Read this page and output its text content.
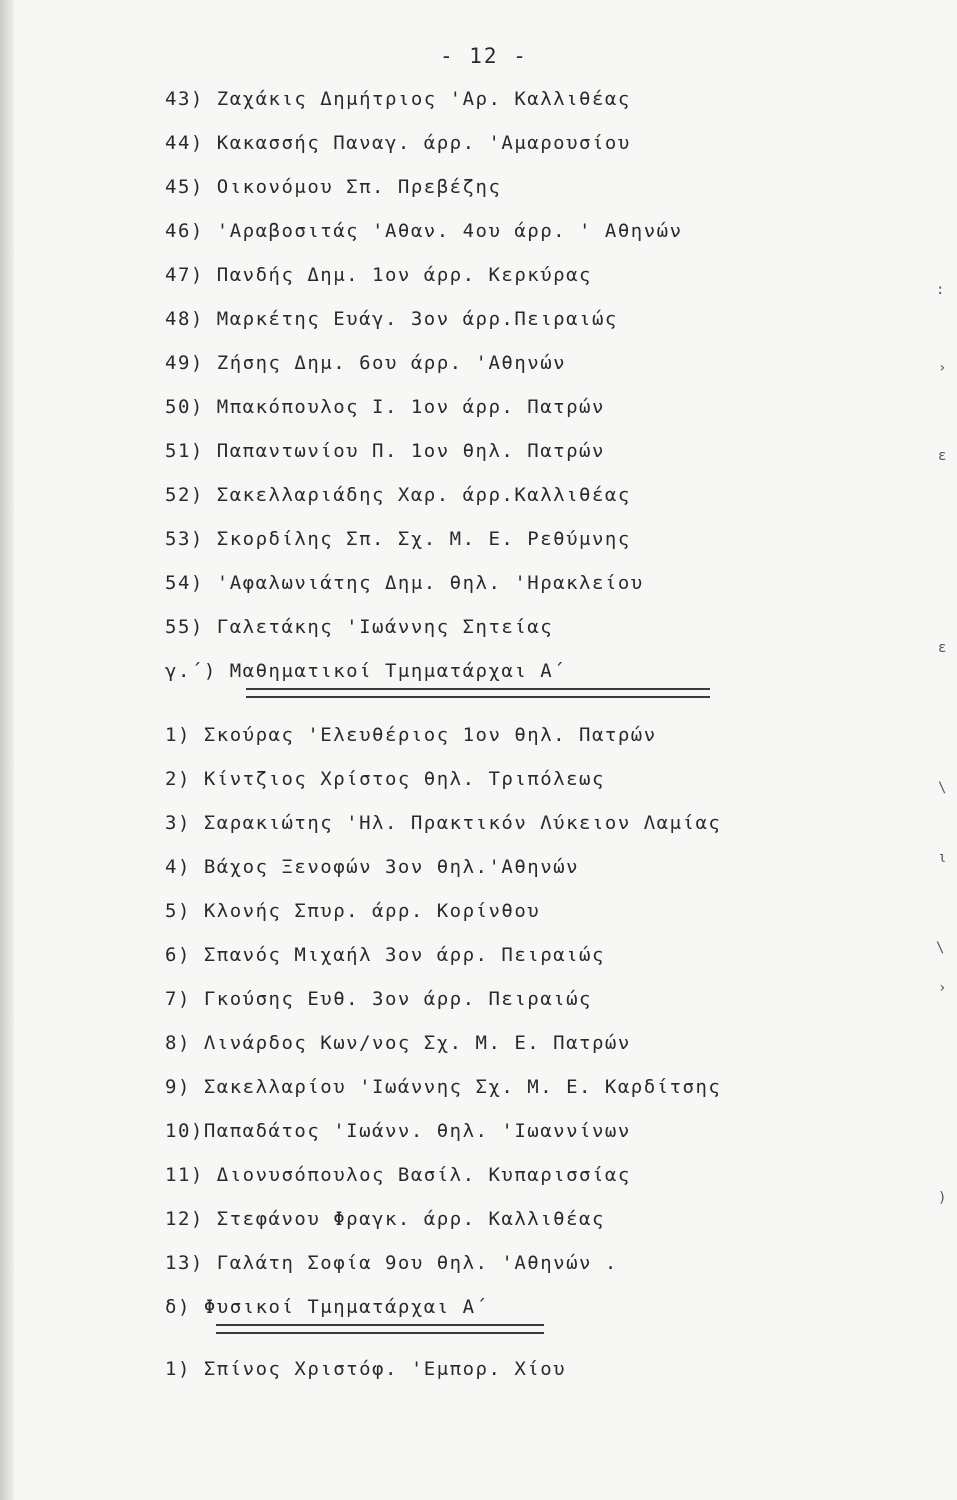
- 12 -
43) Ζαχάκις Δημήτριος 'Αρ. Καλλιθέας
44) Κακασσής Παναγ. άρρ. 'Αμαρουσίου
45) Οικονόμου Σπ. Πρεβέζης
46) 'Αραβοσιτάς 'Αθαν. 4ου άρρ. ' Αθηνών
47) Πανδής Δημ. 1ον άρρ. Κερκύρας
48) Μαρκέτης Ευάγ. 3ον άρρ.Πειραιώς
49) Ζήσης Δημ. 6ου άρρ. 'Αθηνών
50) Μπακόπουλος Ι. 1ον άρρ. Πατρών
51) Παπαντωνίου Π. 1ον θηλ. Πατρών
52) Σακελλαριάδης Χαρ. άρρ.Καλλιθέας
53) Σκορδίλης Σπ. Σχ. Μ. Ε. Ρεθύμνης
54) 'Αφαλωνιάτης Δημ. θηλ. 'Ηρακλείου
55) Γαλετάκης 'Ιωάννης Σητείας
γ.΄) Μαθηματικοί Τμηματάρχαι Α΄
1) Σκούρας 'Ελευθέριος 1ον θηλ. Πατρών
2) Κίντζιος Χρίστος θηλ. Τριπόλεως
3) Σαρακιώτης 'Ηλ. Πρακτικόν Λύκειον Λαμίας
4) Βάχος Ξενοφών 3ον θηλ.'Αθηνών
5) Κλονής Σπυρ. άρρ. Κορίνθου
6) Σπανός Μιχαήλ 3ον άρρ. Πειραιώς
7) Γκούσης Ευθ. 3ον άρρ. Πειραιώς
8) Λινάρδος Κων/νος Σχ. Μ. Ε. Πατρών
9) Σακελλαρίου 'Ιωάννης Σχ. Μ. Ε. Καρδίτσης
10)Παπαδάτος 'Ιωάνν. θηλ. 'Ιωαννίνων
11) Διονυσόπουλος Βασίλ. Κυπαρισσίας
12) Στεφάνου Φραγκ. άρρ. Καλλιθέας
13) Γαλάτη Σοφία 9ου θηλ. 'Αθηνών .
δ) Φυσικοί Τμηματάρχαι Α΄
1) Σπίνος Χριστόφ. 'Εμπορ. Χίου
:
›
ɛ
ɛ
\
ι
\
›
)
